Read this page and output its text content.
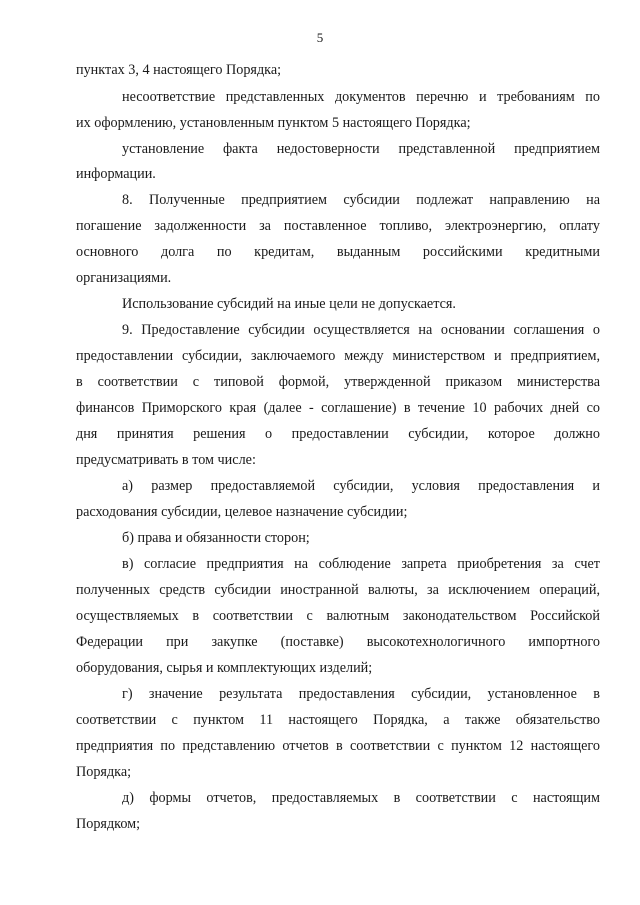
5
пунктах 3, 4 настоящего Порядка;
несоответствие представленных документов перечню и требованиям по
их оформлению, установленным пунктом 5 настоящего Порядка;
установление факта недостоверности представленной предприятием
информации.
8. Полученные предприятием субсидии подлежат направлению на
погашение задолженности за поставленное топливо, электроэнергию, оплату
основного долга по кредитам, выданным российскими кредитными
организациями.
Использование субсидий на иные цели не допускается.
9. Предоставление субсидии осуществляется на основании соглашения о
предоставлении субсидии, заключаемого между министерством и предприятием,
в соответствии с типовой формой, утвержденной приказом министерства
финансов Приморского края (далее - соглашение) в течение 10 рабочих дней со
дня принятия решения о предоставлении субсидии, которое должно
предусматривать в том числе:
а) размер предоставляемой субсидии, условия предоставления и
расходования субсидии, целевое назначение субсидии;
б) права и обязанности сторон;
в) согласие предприятия на соблюдение запрета приобретения за счет
полученных средств субсидии иностранной валюты, за исключением операций,
осуществляемых в соответствии с валютным законодательством Российской
Федерации при закупке (поставке) высокотехнологичного импортного
оборудования, сырья и комплектующих изделий;
г) значение результата предоставления субсидии, установленное в
соответствии с пунктом 11 настоящего Порядка, а также обязательство
предприятия по представлению отчетов в соответствии с пунктом 12 настоящего
Порядка;
д) формы отчетов, предоставляемых в соответствии с настоящим
Порядком;
